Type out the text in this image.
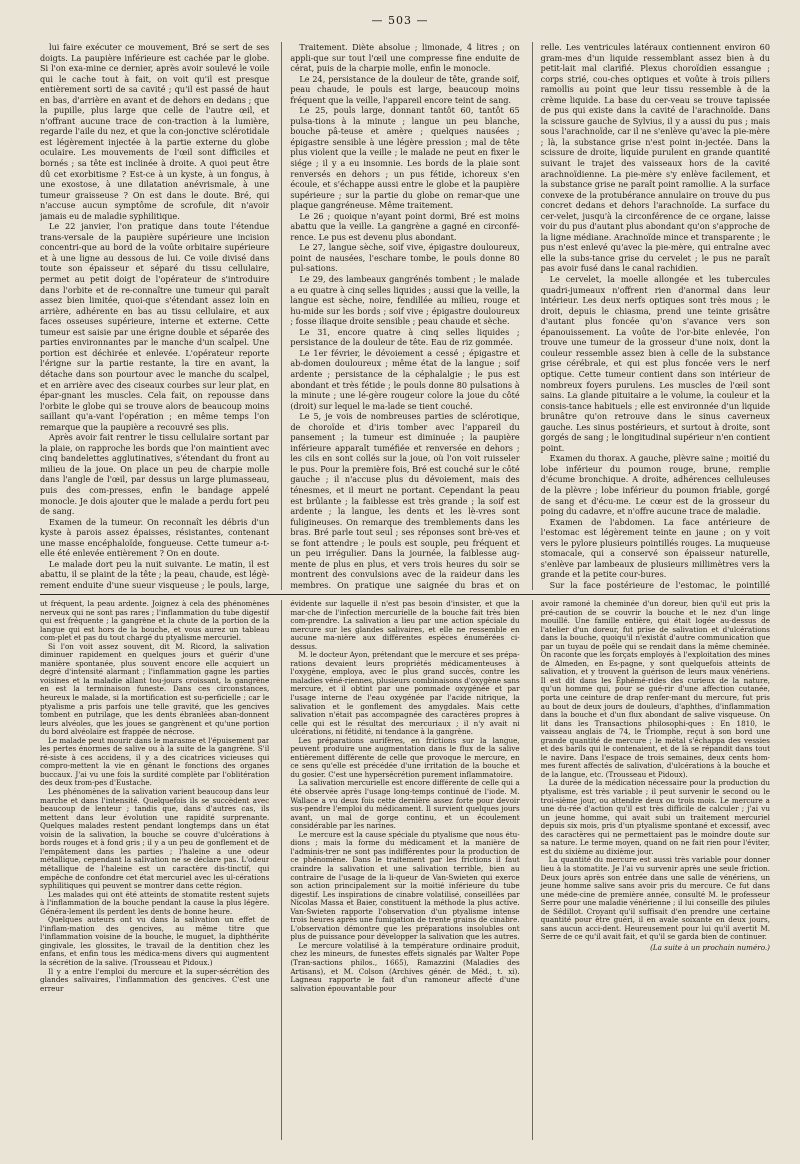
— 503 —

lui faire exécuter ce mouvement, Bré se sert de ses doigts. La paupière inférieure est cachée par le globe. Si l'on exa-mine ce dernier, après avoir soulevé le voile qui le cache tout à fait, on voit qu'il est presque entièrement sorti de sa cavité ; qu'il est passé de haut en bas, d'arrière en avant et de dehors en dedans ; que la pupille, plus large que celle de l'autre œil, et n'offrant aucune trace de con-traction à la lumière, regarde l'aile du nez, et que la con-jonctive sclérotidale est légèrement injectée à la partie externe du globe oculaire. Les mouvements de l'œil sont difficiles et bornés ; sa tête est inclinée à droite. A quoi peut être dû cet exorbitisme ? Est-ce à un kyste, à un fongus, à une exostose, à une dilatation anévrismale, à une tumeur graisseuse ? On est dans le doute. Bré, qui n'accuse aucun symptôme de scrofule, dit n'avoir jamais eu de maladie syphilitique.

Le 22 janvier, l'on pratique dans toute l'étendue trans-versale de la paupière supérieure une incision concentri-que au bord de la voûte orbitaire supérieure et à une ligne au dessous de lui. Ce voile divisé dans toute son épaisseur et séparé du tissu cellulaire, permet au petit doigt de l'opérateur de s'introduire dans l'orbite et de re-connaître une tumeur qui paraît assez bien limitée, quoi-que s'étendant assez loin en arrière, adhérente en bas au tissu cellulaire, et aux faces osseuses supérieure, interne et externe. Cette tumeur est saisie par une érigne double et séparée des parties environnantes par le manche d'un scalpel. Une portion est déchirée et enlevée. L'opérateur reporte l'érigne sur la partie restante, la tire en avant, la détache dans son pourtour avec le manche du scalpel, et en arrière avec des ciseaux courbes sur leur plat, en épar-gnant les muscles. Cela fait, on repousse dans l'orbite le globe qui se trouve alors de beaucoup moins saillant qu'a-vant l'opération ; en même temps l'on remarque que la paupière a recouvré ses plis.

Après avoir fait rentrer le tissu cellulaire sortant par la plaie, on rapproche les bords que l'on maintient avec cinq bandelettes agglutinatives, s'étendant du front au milieu de la joue. On place un peu de charpie molle dans l'angle de l'œil, par dessus un large plumasseau, puis des com-presses, enfin le bandage appelé monocle. Je dois ajouter que le malade a perdu fort peu de sang.

Examen de la tumeur. On reconnaît les débris d'un kyste à parois assez épaisses, résistantes, contenant une masse encéphaloïde, fongueuse. Cette tumeur a-t-elle été enlevée entièrement ? On en doute.

Le malade dort peu la nuit suivante. Le matin, il est abattu, il se plaint de la tête ; la peau, chaude, est légè-rement enduite d'une sueur visqueuse ; le pouls, large,

Traitement. Diète absolue ; limonade, 4 litres ; on appli-que sur tout l'œil une compresse fine enduite de cérat, puis de la charpie molle, enfin le monocle.

Le 24, persistance de la douleur de tête, grande soif, peau chaude, le pouls est large, beaucoup moins fréquent que la veille, l'appareil encore teint de sang.

Le 25, pouls large, donnant tantôt 60, tantôt 65 pulsa-tions à la minute ; langue un peu blanche, bouche pâ-teuse et amère ; quelques nausées ; épigastre sensible à une légère pression ; mal de tête plus violent que la veille ; le malade ne peut en fixer le siége ; il y a eu insomnie. Les bords de la plaie sont renversés en dehors ; un pus fétide, ichoreux s'en écoule, et s'échappe aussi entre le globe et la paupière supérieure ; sur la partie du globe on remar-que une plaque gangréneuse. Même traitement.

Le 26 ; quoique n'ayant point dormi, Bré est moins abattu que la veille. La gangrène a gagné en circonfé-rence. Le pus est devenu plus abondant.

Le 27, langue sèche, soif vive, épigastre douloureux, point de nausées, l'eschare tombe, le pouls donne 80 pul-sations.

Le 29, des lambeaux gangrénés tombent ; le malade a eu quatre à cinq selles liquides ; aussi que la veille, la langue est sèche, noire, fendillée au milieu, rouge et hu-mide sur les bords ; soif vive ; épigastre douloureux ; fosse iliaque droite sensible ; peau chaude et sèche.

Le 31, encore quatre à cinq selles liquides ; persistance de la douleur de tête. Eau de riz gommée.

Le 1er février, le dévoiement a cessé ; épigastre et ab-domen douloureux ; même état de la langue ; soif ardente ; persistance de la céphalalgie ; le pus est abondant et très fétide ; le pouls donne 80 pulsations à la minute ; une lé-gère rougeur colore la joue du côté (droit) sur lequel le ma-lade se tient couché.

Le 5, je vois de nombreuses parties de sclérotique, de choroïde et d'iris tomber avec l'appareil du pansement ; la tumeur est diminuée ; la paupière inférieure apparaît tuméfiée et renversée en dehors ; les cils en sont collés sur la joue, où l'on voit ruisseler le pus. Pour la première fois, Bré est couché sur le côté gauche ; il n'accuse plus du dévoiement, mais des ténesmes, et il meurt ne portant. Cependant la peau est brûlante ; la faiblesse est très grande ; la soif est ardente ; la langue, les dents et les lè-vres sont fuligineuses. On remarque des tremblements dans les bras. Bré parle tout seul ; ses réponses sont brè-ves et se font attendre ; le pouls est souple, peu fréquent et un peu irrégulier. Dans la journée, la faiblesse aug-mente de plus en plus, et vers trois heures du soir se montrent des convulsions avec de la raideur dans les membres. On pratique une saignée du bras et on

relle. Les ventricules latéraux contiennent environ 60 gram-mes d'un liquide ressemblant assez bien à du petit-lait mal clarifié. Plexus choroïdien essangue ; corps strié, cou-ches optiques et voûte à trois piliers ramollis au point que leur tissu ressemble à de la crème liquide. La base du cer-veau se trouve tapissée de pus qui existe dans la cavité de l'arachnoïde. Dans la scissure gauche de Sylvius, il y a aussi du pus ; mais sous l'arachnoïde, car il ne s'enlève qu'avec la pie-mère ; là, la substance grise n'est point in-jectée. Dans la scissure de droite, liquide purulent en grande quantité suivant le trajet des vaisseaux hors de la cavité arachnoïdienne. La pie-mère s'y enlève facilement, et la substance grise ne paraît point ramollie. A la surface convexe de la protubérance annulaire on trouve du pus concret dedans et dehors l'arachnoïde. La surface du cer-velet, jusqu'à la circonférence de ce organe, laisse voir du pus d'autant plus abondant qu'on s'approche de la ligne médiane. Arachnoïde mince et transparente ; le pus n'est enlevé qu'avec la pie-mère, qui entraîne avec elle la subs-tance grise du cervelet ; le pus ne paraît pas avoir fusé dans le canal rachidien.

Le cervelet, la moelle allongée et les tubercules quadri-jumeaux n'offrent rien d'anormal dans leur intérieur. Les deux nerfs optiques sont très mous ; le droit, depuis le chiasma, prend une teinte grisâtre d'autant plus foncée qu'on s'avance vers son épanouissement. La voûte de l'or-bite enlevée, l'on trouve une tumeur de la grosseur d'une noix, dont la couleur ressemble assez bien à celle de la substance grise cérébrale, et qui est plus foncée vers le nerf optique. Cette tumeur contient dans son intérieur de nombreux foyers purulens. Les muscles de l'œil sont sains. La glande pituitaire a le volume, la couleur et la consis-tance habituels ; elle est environnée d'un liquide brunâtre qu'on retrouve dans le sinus caverneux gauche. Les sinus postérieurs, et surtout à droite, sont gorgés de sang ; le longitudinal supérieur n'en contient point.

Examen du thorax. A gauche, plèvre saine ; moitié du lobe inférieur du poumon rouge, brune, remplie d'écume bronchique. A droite, adhérences celluleuses de la plèvre ; lobe inférieur du poumon friable, gorgé de sang et d'écu-me. Le cœur est de la grosseur du poing du cadavre, et n'offre aucune trace de maladie.

Examen de l'abdomen. La face antérieure de l'estomac est légèrement teinte en jaune ; on y voit vers le pylore plusieurs pointillés rouges. La muqueuse stomacale, qui a conservé son épaisseur naturelle, s'enlève par lambeaux de plusieurs millimètres vers la grande et la petite cour-bures.

Sur la face postérieure de l'estomac, le pointillé

ut fréquent, la peau ardente. Joignez à cela des phénomènes nerveux qui ne sont pas rares ; l'inflammation du tube digestif qui est fréquente ; la gangrène et la chute de la portion de la langue qui est hors de la bouche, et vous aurez un tableau com-plet et pas du tout chargé du ptyalisme mercuriel.

Si l'on voit assez souvent, dit M. Ricord, la salivation diminuer rapidement en quelques jours et guérir d'une manière spontanée, plus souvent encore elle acquiert un degré d'intensité alarmant ; l'inflammation gagne les parties voisines et la maladie allant tou-jours croissant, la gangrène en est la terminaison funeste. Dans ces circonstances, heureux le malade, si la mortification est su-perficielle ; car le ptyalisme a pris parfois une telle gravité, que les gencives tombent en putrilage, que les dents ébranlées aban-donnent leurs alvéoles, que les joues se gangrènent et qu'une portion du bord alvéolaire est frappée de nécrose.

Le malade peut mourir dans le marasme et l'épuisement par les pertes énormes de salive ou à la suite de la gangrène. S'il ré-siste à ces accidens, il y a des cicatrices vicieuses qui compro-mettent la vie en gênant le fonctions des organes buccaux. J'ai vu une fois la surdité complète par l'oblitération des deux trom-pes d'Eustache.

Les phénomènes de la salivation varient beaucoup dans leur marche et dans l'intensité. Quelquefois ils se succèdent avec beaucoup de lenteur ; tandis que, dans d'autres cas, ils mettent dans leur évolution une rapidité surprenante. Quelques malades restent pendant longtemps dans un état voisin de la salivation, la bouche se couvre d'ulcérations à bords rouges et à fond gris ; il y a un peu de gonflement et de l'empâtement dans les parties ; l'haleine a une odeur métallique, cependant la salivation ne se déclare pas. L'odeur métallique de l'haleine est un caractère dis-tinctif, qui empêche de confondre cet état mercuriel avec les ul-cérations syphilitiques qui peuvent se montrer dans cette région.

Les malades qui ont été atteints de stomatite restent sujets à l'inflammation de la bouche pendant la cause la plus légère. Généra-lement ils perdent les dents de bonne heure.

Quelques auteurs ont vu dans la salivation un effet de l'inflam-mation des gencives, au même titre que l'inflammation voisine de la bouche, le muguet, la diphthérite gingivale, les glossites, le travail de la dentition chez les enfans, et enfin tous les médica-mens divers qui augmentent la sécrétion de la salive. (Trousseau et Pidoux.)

Il y a entre l'emploi du mercure et la super-sécrétion des glandes salivaires, l'inflammation des gencives. C'est une erreur

évidente sur laquelle il n'est pas besoin d'insister, et que la mar-che de l'infection mercurielle de la bouche fait très bien com-prendre. La salivation a lieu par une action spéciale du mercure sur les glandes salivaires, et elle ne ressemble en aucune ma-nière aux différentes espèces énumérées ci-dessus.

M. le docteur Ayon, prétendant que le mercure et ses prépa-rations devaient leurs propriétés médicamenteuses à l'oxygène, employa, avec le plus grand succès, contre les maladies véné-riennes, plusieurs combinaisons d'oxygène sans mercure, et il obtint par une pommade oxygénée et par l'usage interne de l'eau oxygénée par l'acide nitrique, la salivation et le gonflement des amygdales. Mais cette salivation n'était pas accompagnée des caractères propres à celle qui est le résultat des mercuriaux ; il n'y avait ni ulcérations, ni fétidité, ni tendance à la gangrène.

Les préparations aurifères, en frictions sur la langue, peuvent produire une augmentation dans le flux de la salive entièrement différente de celle que provoque le mercure, en ce sens qu'elle est précédée d'une irritation de la bouche et du gosier. C'est une hypersécrétion purement inflammatoire.

La salivation mercurielle est encore différente de celle qui a été observée après l'usage long-temps continué de l'iode. M. Wallace a vu deux fois cette dernière assez forte pour devoir sus-pendre l'emploi du médicament. Il survient quelques jours avant, un mal de gorge continu, et un écoulement considérable par les narines.

Le mercure est la cause spéciale du ptyalisme que nous étu-dions ; mais la forme du médicament et la manière de l'adminis-trer ne sont pas indifférentes pour la production de ce phénomène. Dans le traitement par les frictions il faut craindre la salivation et une salivation terrible, bien au contraire de l'usage de la li-queur de Van-Swieten qui exerce son action principalement sur la moitié inférieure du tube digestif. Les inspirations de cinabre volatilisé, conseillées par Nicolas Massa et Baier, constituent la méthode la plus active. Van-Swieten rapporte l'observation d'un ptyalisme intense trois heures après une fumigation de trente grains de cinabre. L'observation démontre que les préparations insolubles ont plus de puissance pour développer la salivation que les autres.

Le mercure volatilisé à la température ordinaire produit, chez les mineurs, de funestes effets signalés par Walter Pope (Tran-sactions philos., 1665), Ramazzini (Maladies des Artisans), et M. Colson (Archives génér. de Méd., t. xi). Lagneau rapporte le fait d'un ramoneur affecté d'une salivation épouvantable pour

avoir ramoné la cheminée d'un doreur, bien qu'il eut pris la pré-caution de se couvrir la bouche et le nez d'un linge mouillé. Une famille entière, qui était logée au-dessus de l'atelier d'un doreur, fut prise de salivation et d'ulcérations dans la bouche, quoiqu'il n'existât d'autre communication que par un tuyau de poêle qui se rendait dans la même cheminée. On raconte que les forçats employés à l'exploitation des mines de Almeden, en Es-pagne, y sont quelquefois atteints de salivation, et y trouvent la guérison de leurs maux vénériens. Il est dit dans les Éphémé-rides des curieux de la nature, qu'un homme qui, pour se gué-rir d'une affection cutanée, porta une ceinture de drap renfer-mant du mercure, fut pris au bout de deux jours de douleurs, d'aphthes, d'inflammation dans la bouche et d'un flux abondant de salive visqueuse. On lit dans les Transactions philosophi-ques : En 1810, le vaisseau anglais de 74, le Triomphe, reçut à son bord une grande quantité de mercure ; le métal s'échappa des vessies et des barils qui le contenaient, et de là se répandit dans tout le navire. Dans l'espace de trois semaines, deux cents hom-mes furent affectés de salivation, d'ulcérations à la bouche et de la langue, etc. (Trousseau et Pidoux).

La durée de la médication nécessaire pour la production du ptyalisme, est très variable ; il peut survenir le second ou le troi-sième jour, ou attendre deux ou trois mois. Le mercure a une du-rée d'action qu'il est très difficile de calculer ; j'ai vu un jeune homme, qui avait subi un traitement mercuriel depuis six mois, pris d'un ptyalisme spontané et excessif, avec des caractères qui ne permettaient pas le moindre doute sur sa nature. Le terme moyen, quand on ne fait rien pour l'éviter, est du sixième au dixième jour.

La quantité du mercure est aussi très variable pour donner lieu à la stomatite. Je l'ai vu survenir après une seule friction. Deux jours après son entrée dans une salle de vénériens, un jeune homme salive sans avoir pris du mercure. Ce fut dans une méde-cine de première année, consulté M. le professeur Serre pour une maladie vénérienne ; il lui conseille des pilules de Sédillot. Croyant qu'il suffisait d'en prendre une certaine quantité pour être guéri, il en avale soixante en deux jours, sans aucun acci-dent. Heureusement pour lui qu'il avertit M. Serre de ce qu'il avait fait, et qu'il se garda bien de continuer.

(La suite à un prochain numéro.)
